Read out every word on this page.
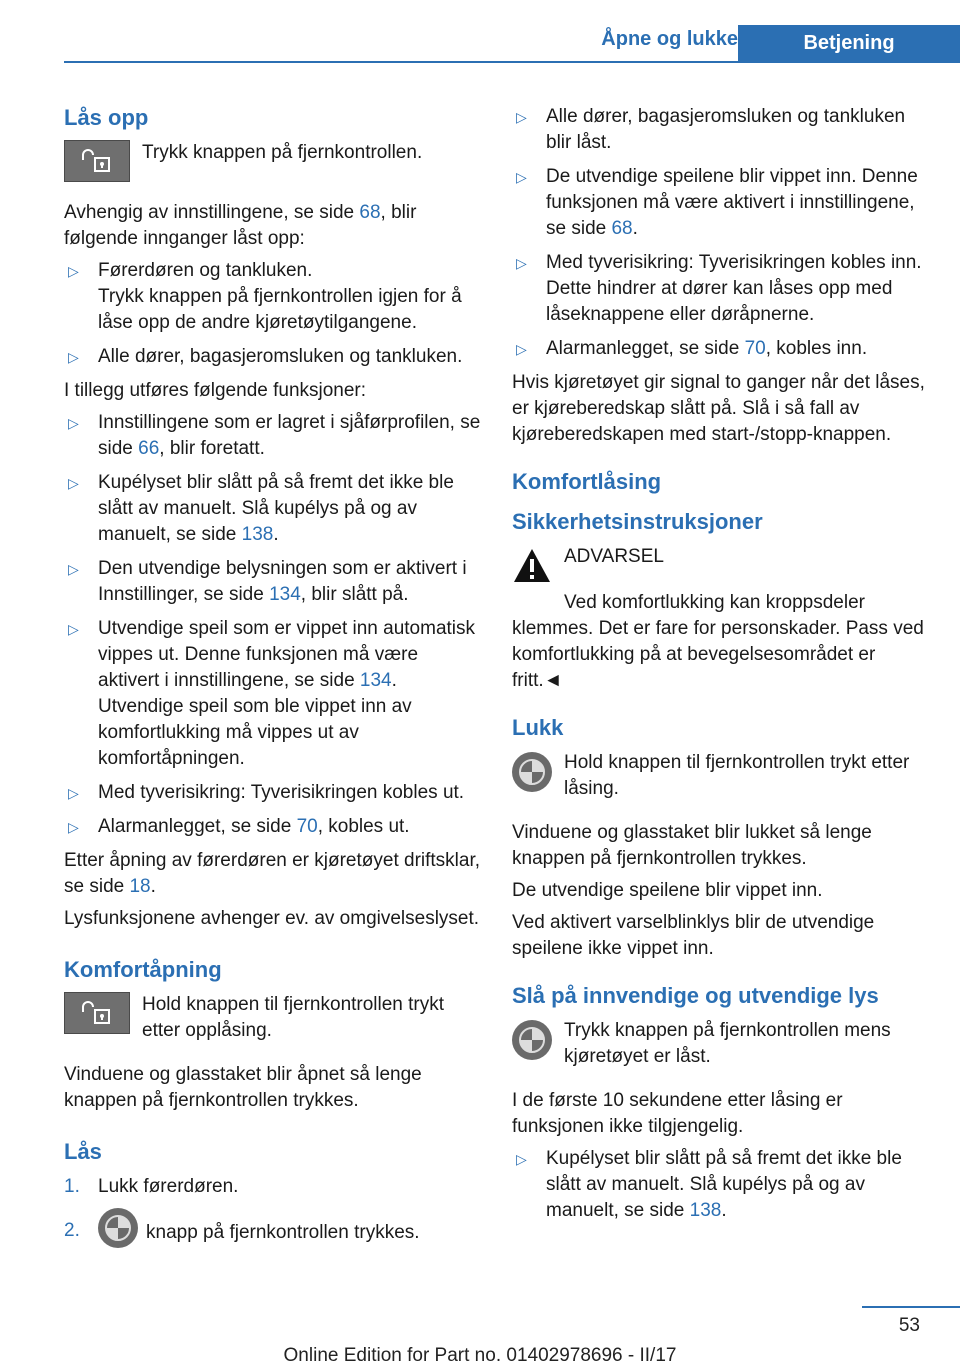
Åpne og lukke	Betjening
Lås opp
Trykk knappen på fjernkontrollen.

Avhengig av innstillingene, se side 68, blir følgende innganger låst opp:

▷ Førerdøren og tankluken.
Trykk knappen på fjernkontrollen igjen for å låse opp de andre kjøretøytilgangene.
▷ Alle dører, bagasjeromsluken og tankluken.

I tillegg utføres følgende funksjoner:

▷ Innstillingene som er lagret i sjåførprofilen, se side 66, blir foretatt.
▷ Kupélyset blir slått på så fremt det ikke ble slått av manuelt. Slå kupélys på og av manuelt, se side 138.
▷ Den utvendige belysningen som er aktivert i Innstillinger, se side 134, blir slått på.
▷ Utvendige speil som er vippet inn automatisk vippes ut. Denne funksjonen må være aktivert i innstillingene, se side 134. Utvendige speil som ble vippet inn av komfortlukking må vippes ut av komfortåpningen.
▷ Med tyverisikring: Tyverisikringen kobles ut.
▷ Alarmanlegget, se side 70, kobles ut.

Etter åpning av førerdøren er kjøretøyet driftsklar, se side 18.

Lysfunksjonene avhenger ev. av omgivelseslyset.

Komfortåpning
Hold knappen til fjernkontrollen trykt etter opplåsing.

Vinduene og glasstaket blir åpnet så lenge knappen på fjernkontrollen trykkes.

Lås
1. Lukk førerdøren.
2.	knapp på fjernkontrollen trykkes.
▷ Alle dører, bagasjeromsluken og tankluken blir låst.
▷ De utvendige speilene blir vippet inn. Denne funksjonen må være aktivert i innstillingene, se side 68.
▷ Med tyverisikring: Tyverisikringen kobles inn. Dette hindrer at dører kan låses opp med låseknappene eller døråpnerne.
▷ Alarmanlegget, se side 70, kobles inn.

Hvis kjøretøyet gir signal to ganger når det låses, er kjøreberedskap slått på. Slå i så fall av kjøreberedskapen med start-/stopp-knappen.

Komfortlåsing
Sikkerhetsinstruksjoner
ADVARSEL

Ved komfortlukking kan kroppsdeler klemmes. Det er fare for personskader. Pass ved komfortlukking på at bevegelsesområdet er fritt.◄

Lukk
Hold knappen til fjernkontrollen trykt etter låsing.

Vinduene og glasstaket blir lukket så lenge knappen på fjernkontrollen trykkes.

De utvendige speilene blir vippet inn.

Ved aktivert varselblinklys blir de utvendige speilene ikke vippet inn.

Slå på innvendige og utvendige lys
Trykk knappen på fjernkontrollen mens kjøretøyet er låst.

I de første 10 sekundene etter låsing er funksjonen ikke tilgjengelig.

▷ Kupélyset blir slått på så fremt det ikke ble slått av manuelt. Slå kupélys på og av manuelt, se side 138.
53
Online Edition for Part no. 01402978696 - II/17
